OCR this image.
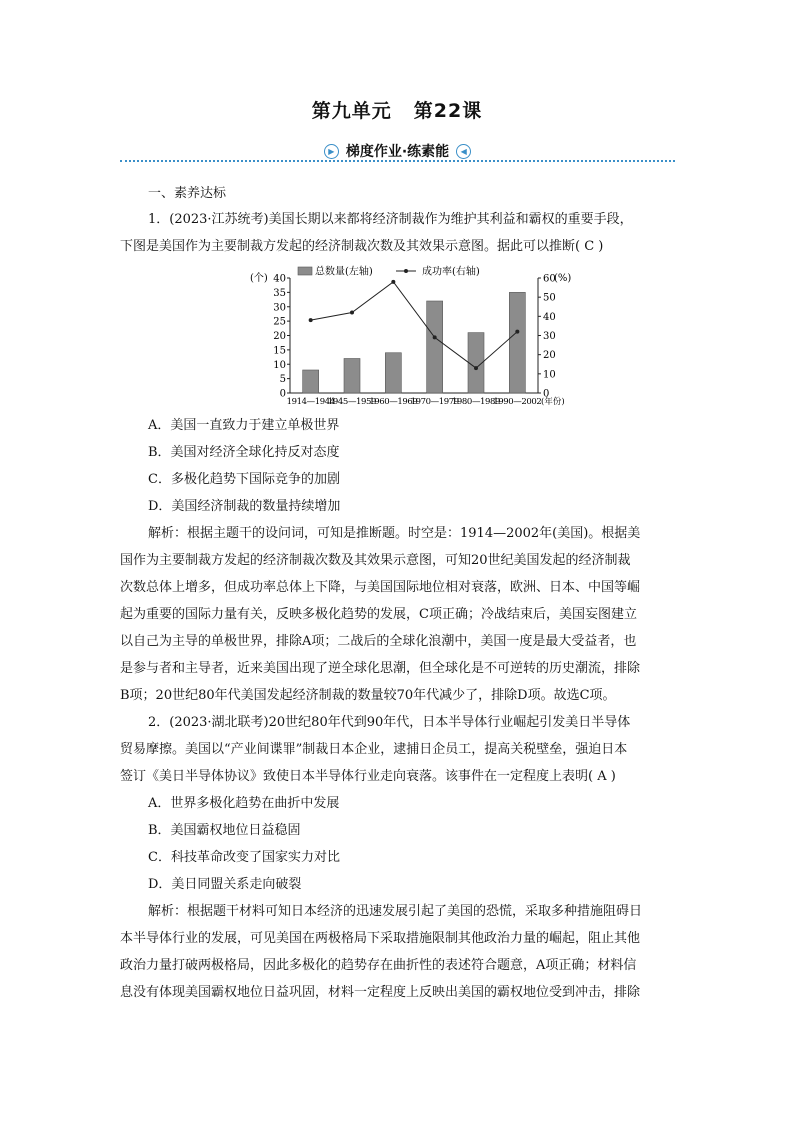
第九单元 第22课
▶ 梯度作业·练素能 ◀
一、素养达标

1．(2023·江苏统考)美国长期以来都将经济制裁作为维护其利益和霸权的重要手段，

下图是美国作为主要制裁方发起的经济制裁次数及其效果示意图。据此可以推断( C )

0
5
10
15
20
25
30
35
40
0
10
20
30
40
50
60
(个)	(%)
1914—1944
1945—1959
1960—1969
1970—1979
1980—1989
1990—2002 (年份)
总数量(左轴)	成功率(右轴)

A．美国一直致力于建立单极世界

B．美国对经济全球化持反对态度

C．多极化趋势下国际竞争的加剧

D．美国经济制裁的数量持续增加

解析：根据主题干的设问词，可知是推断题。时空是：1914—2002年(美国)。根据美

国作为主要制裁方发起的经济制裁次数及其效果示意图，可知20世纪美国发起的经济制裁

次数总体上增多，但成功率总体上下降，与美国国际地位相对衰落，欧洲、日本、中国等崛

起为重要的国际力量有关，反映多极化趋势的发展，C项正确；冷战结束后，美国妄图建立

以自己为主导的单极世界，排除A项；二战后的全球化浪潮中，美国一度是最大受益者，也

是参与者和主导者，近来美国出现了逆全球化思潮，但全球化是不可逆转的历史潮流，排除

B项；20世纪80年代美国发起经济制裁的数量较70年代减少了，排除D项。故选C项。

2．(2023·湖北联考)20世纪80年代到90年代，日本半导体行业崛起引发美日半导体

贸易摩擦。美国以“产业间谍罪”制裁日本企业，逮捕日企员工，提高关税壁垒，强迫日本

签订《美日半导体协议》致使日本半导体行业走向衰落。该事件在一定程度上表明( A )

A．世界多极化趋势在曲折中发展

B．美国霸权地位日益稳固

C．科技革命改变了国家实力对比

D．美日同盟关系走向破裂

解析：根据题干材料可知日本经济的迅速发展引起了美国的恐慌，采取多种措施阻碍日

本半导体行业的发展，可见美国在两极格局下采取措施限制其他政治力量的崛起，阻止其他

政治力量打破两极格局，因此多极化的趋势存在曲折性的表述符合题意，A项正确；材料信

息没有体现美国霸权地位日益巩固，材料一定程度上反映出美国的霸权地位受到冲击，排除
